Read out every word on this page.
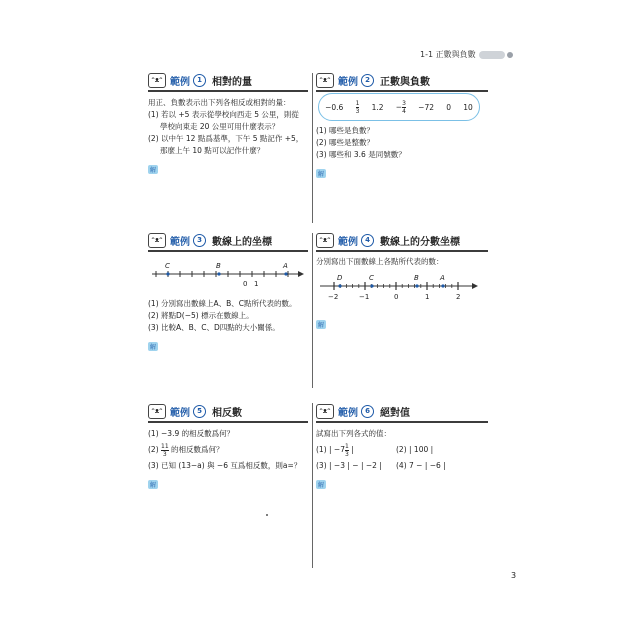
1-1 正數與負數
ᵔᴥᵔ 範例	1	相對的量
用正、負數表示出下列各相反或相對的量：
(1) 若以 +5 表示從學校向西走 5 公里，則從
學校向東走 20 公里可用什麼表示？
(2) 以中午 12 點爲基準，下午 5 點記作 +5，
那麼上午 10 點可以記作什麼？
解
ᵔᴥᵔ 範例	2	正數與負數
$-0.6 \frac{1}{3} 1.2 - \frac{3}{4} -72$ 0 10
(1) 哪些是負數？
(2) 哪些是整數？
(3) 哪些和 3.6 是同號數？
解
ᵔᴥᵔ 範例	3	數線上的坐標
C	B	A
0 1
(1) 分別寫出數線上A、B、C點所代表的數。
(2) 將點D(−5) 標示在數線上。
(3) 比較A、B、C、D四點的大小關係。
解
ᵔᴥᵔ 範例	4	數線上的分數坐標
分別寫出下面數線上各點所代表的數：
D	C	B	A
−2	−1	0	1	2
解
ᵔᴥᵔ 範例	5	相反數
(1) −3.9 的相反數爲何？
(2)
$\frac{11}{3}$
的相反數爲何？
(3) 已知 (13−a) 與 −6 互爲相反數，則a=？
解
ᵔᴥᵔ 範例	6	絕對值
試寫出下列各式的值：
(1) | $-7 \frac{1}{3}$
|	(2) | 100 |
(3) | −3 | − | −2 |	(4) 7 − | −6 |
解
3
